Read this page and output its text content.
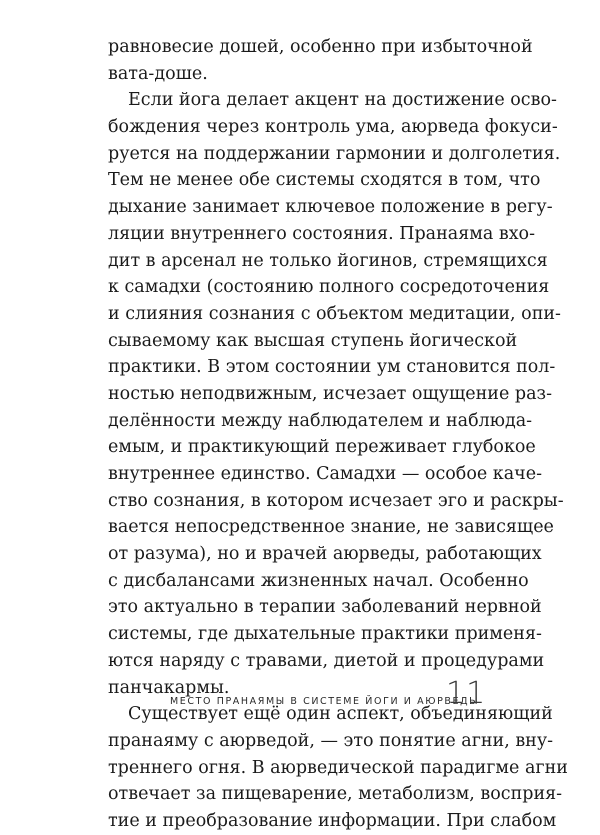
равновесие дошей, особенно при избыточной
вата-доше.
Если йога делает акцент на достижение осво-
бождения через контроль ума, аюрведа фокуси-
руется на поддержании гармонии и долголетия.
Тем не менее обе системы сходятся в том, что
дыхание занимает ключевое положение в регу-
ляции внутреннего состояния. Пранаяма вхо-
дит в арсенал не только йогинов, стремящихся
к самадхи (состоянию полного сосредоточения
и слияния сознания с объектом медитации, опи-
сываемому как высшая ступень йогической
практики. В этом состоянии ум становится пол-
ностью неподвижным, исчезает ощущение раз-
делённости между наблюдателем и наблюда-
емым, и практикующий переживает глубокое
внутреннее единство. Самадхи — особое каче-
ство сознания, в котором исчезает эго и раскры-
вается непосредственное знание, не зависящее
от разума), но и врачей аюрведы, работающих
с дисбалансами жизненных начал. Особенно
это актуально в терапии заболеваний нервной
системы, где дыхательные практики применя-
ются наряду с травами, диетой и процедурами
панчакармы.
Существует ещё один аспект, объединяющий
пранаяму с аюрведой, — это понятие агни, вну-
треннего огня. В аюрведической парадигме агни
отвечает за пищеварение, метаболизм, восприя-
тие и преобразование информации. При слабом
МЕСТО ПРАНАЯМЫ В СИСТЕМЕ ЙОГИ И АЮРВЕДЫ
11
